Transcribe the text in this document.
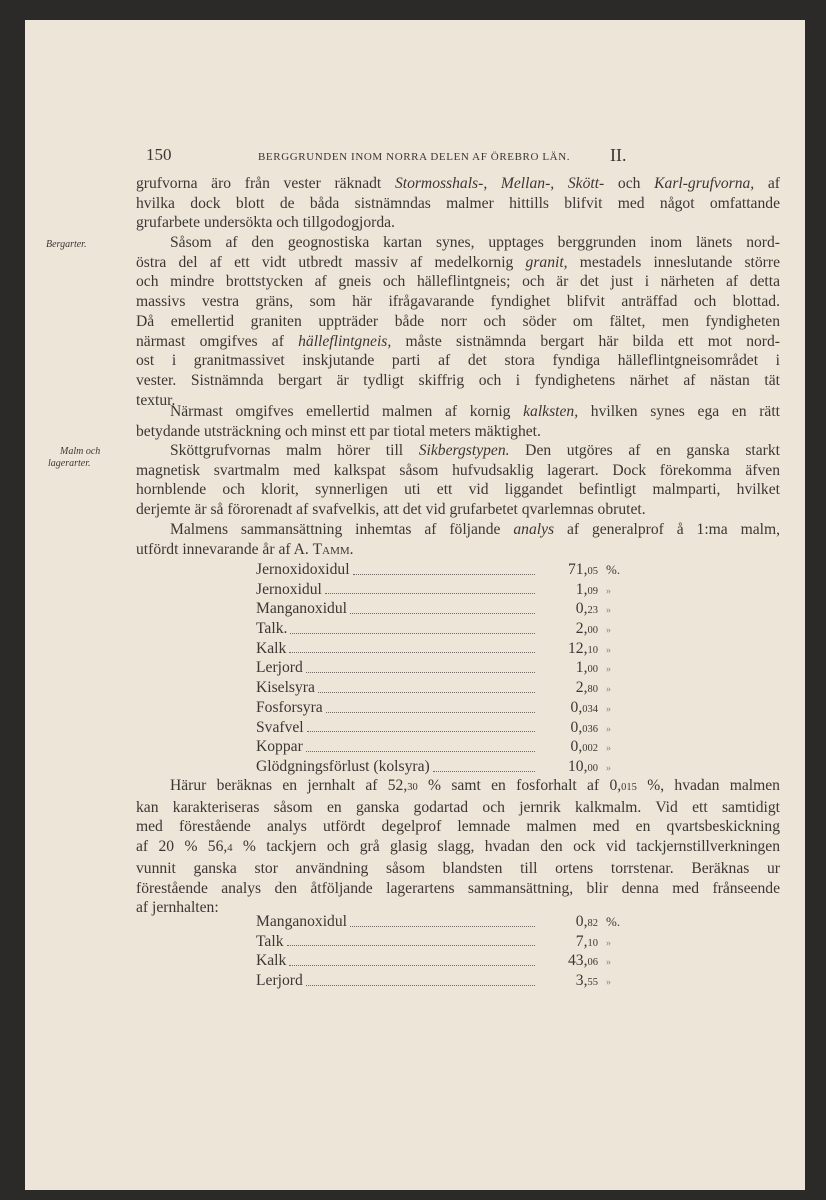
150	BERGGRUNDEN INOM NORRA DELEN AF ÖREBRO LÄN. II.
Bergarter.
Malm och
lagerarter.
grufvorna äro från vester räknadt Stormosshals-, Mellan-, Skött- och Karl-grufvorna, af
hvilka dock blott de båda sistnämndas malmer hittills blifvit med något omfattande
grufarbete undersökta och tillgodogjorda.
Såsom af den geognostiska kartan synes, upptages berggrunden inom länets nord-
östra del af ett vidt utbredt massiv af medelkornig granit, mestadels inneslutande större
och mindre brottstycken af gneis och hälleflintgneis; och är det just i närheten af detta
massivs vestra gräns, som här ifrågavarande fyndighet blifvit anträffad och blottad.
Då emellertid graniten uppträder både norr och söder om fältet, men fyndigheten
närmast omgifves af hälleflintgneis, måste sistnämnda bergart här bilda ett mot nord-
ost i granitmassivet inskjutande parti af det stora fyndiga hälleflintgneisområdet i
vester. Sistnämnda bergart är tydligt skiffrig och i fyndighetens närhet af nästan tät
textur.
Närmast omgifves emellertid malmen af kornig kalksten, hvilken synes ega en rätt
betydande utsträckning och minst ett par tiotal meters mäktighet.
Sköttgrufvornas malm hörer till Sikbergstypen. Den utgöres af en ganska starkt
magnetisk svartmalm med kalkspat såsom hufvudsaklig lagerart. Dock förekomma äfven
hornblende och klorit, synnerligen uti ett vid liggandet befintligt malmparti, hvilket
derjemte är så förorenadt af svafvelkis, att det vid grufarbetet qvarlemnas obrutet.
Malmens sammansättning inhemtas af följande analys af generalprof å 1:ma malm,
utfördt innevarande år af A. Tamm.
Jernoxidoxidul	71,05 %.
Jernoxidul	1,09 »
Manganoxidul	0,23 »
Talk.	2,00 »
Kalk	12,10 »
Lerjord	1,00 »
Kiselsyra	2,80 »
Fosforsyra	0,034 »
Svafvel	0,036 »
Koppar	0,002 »
Glödgningsförlust (kolsyra)	10,00 »
Härur beräknas en jernhalt af 52,30 % samt en fosforhalt af 0,015 %, hvadan malmen
kan karakteriseras såsom en ganska godartad och jernrik kalkmalm. Vid ett samtidigt
med förestående analys utfördt degelprof lemnade malmen med en qvartsbeskickning
af 20 % 56,4 % tackjern och grå glasig slagg, hvadan den ock vid tackjernstillverkningen
vunnit ganska stor användning såsom blandsten till ortens torrstenar. Beräknas ur
förestående analys den åtföljande lagerartens sammansättning, blir denna med frånseende
af jernhalten:
Manganoxidul	0,82 %.
Talk	7,10 »
Kalk	43,06 »
Lerjord	3,55 »
